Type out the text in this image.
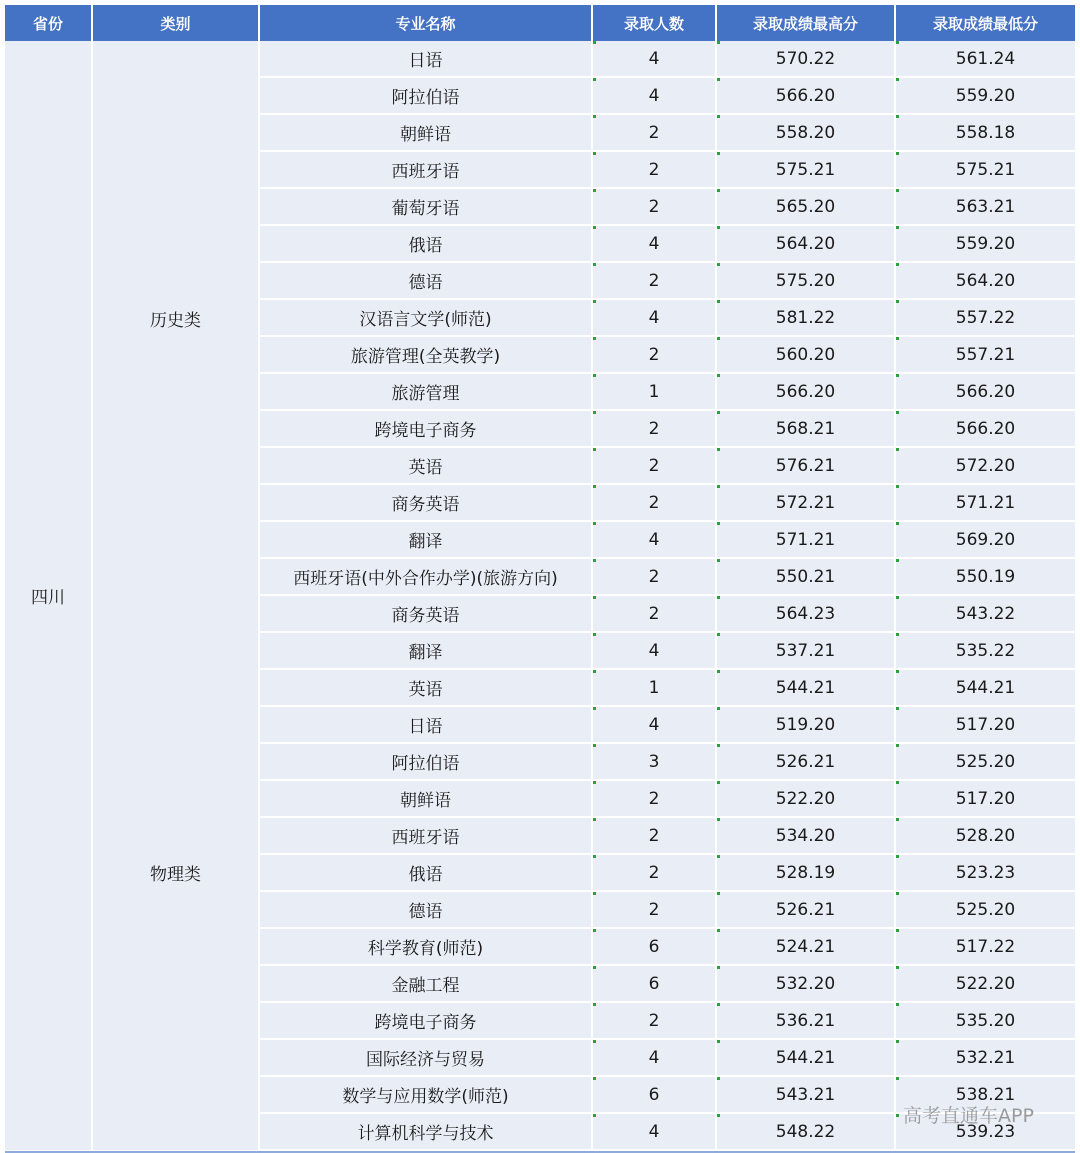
省份	类别	专业名称	录取人数	录取成绩最高分	录取成绩最低分
四川	历史类	日语	4	570.22	561.24
		阿拉伯语	4	566.20	559.20
		朝鲜语	2	558.20	558.18
		西班牙语	2	575.21	575.21
		葡萄牙语	2	565.20	563.21
		俄语	4	564.20	559.20
		德语	2	575.20	564.20
		汉语言文学(师范)	4	581.22	557.22
		旅游管理(全英教学)	2	560.20	557.21
		旅游管理	1	566.20	566.20
		跨境电子商务	2	568.21	566.20
		英语	2	576.21	572.20
		商务英语	2	572.21	571.21
		翻译	4	571.21	569.20
		西班牙语(中外合作办学)(旅游方向)	2	550.21	550.19
	物理类	商务英语	2	564.23	543.22
		翻译	4	537.21	535.22
		英语	1	544.21	544.21
		日语	4	519.20	517.20
		阿拉伯语	3	526.21	525.20
		朝鲜语	2	522.20	517.20
		西班牙语	2	534.20	528.20
		俄语	2	528.19	523.23
		德语	2	526.21	525.20
		科学教育(师范)	6	524.21	517.22
		金融工程	6	532.20	522.20
		跨境电子商务	2	536.21	535.20
		国际经济与贸易	4	544.21	532.21
		数学与应用数学(师范)	6	543.21	538.21
		计算机科学与技术	4	548.22	539.23
高考直通车APP
